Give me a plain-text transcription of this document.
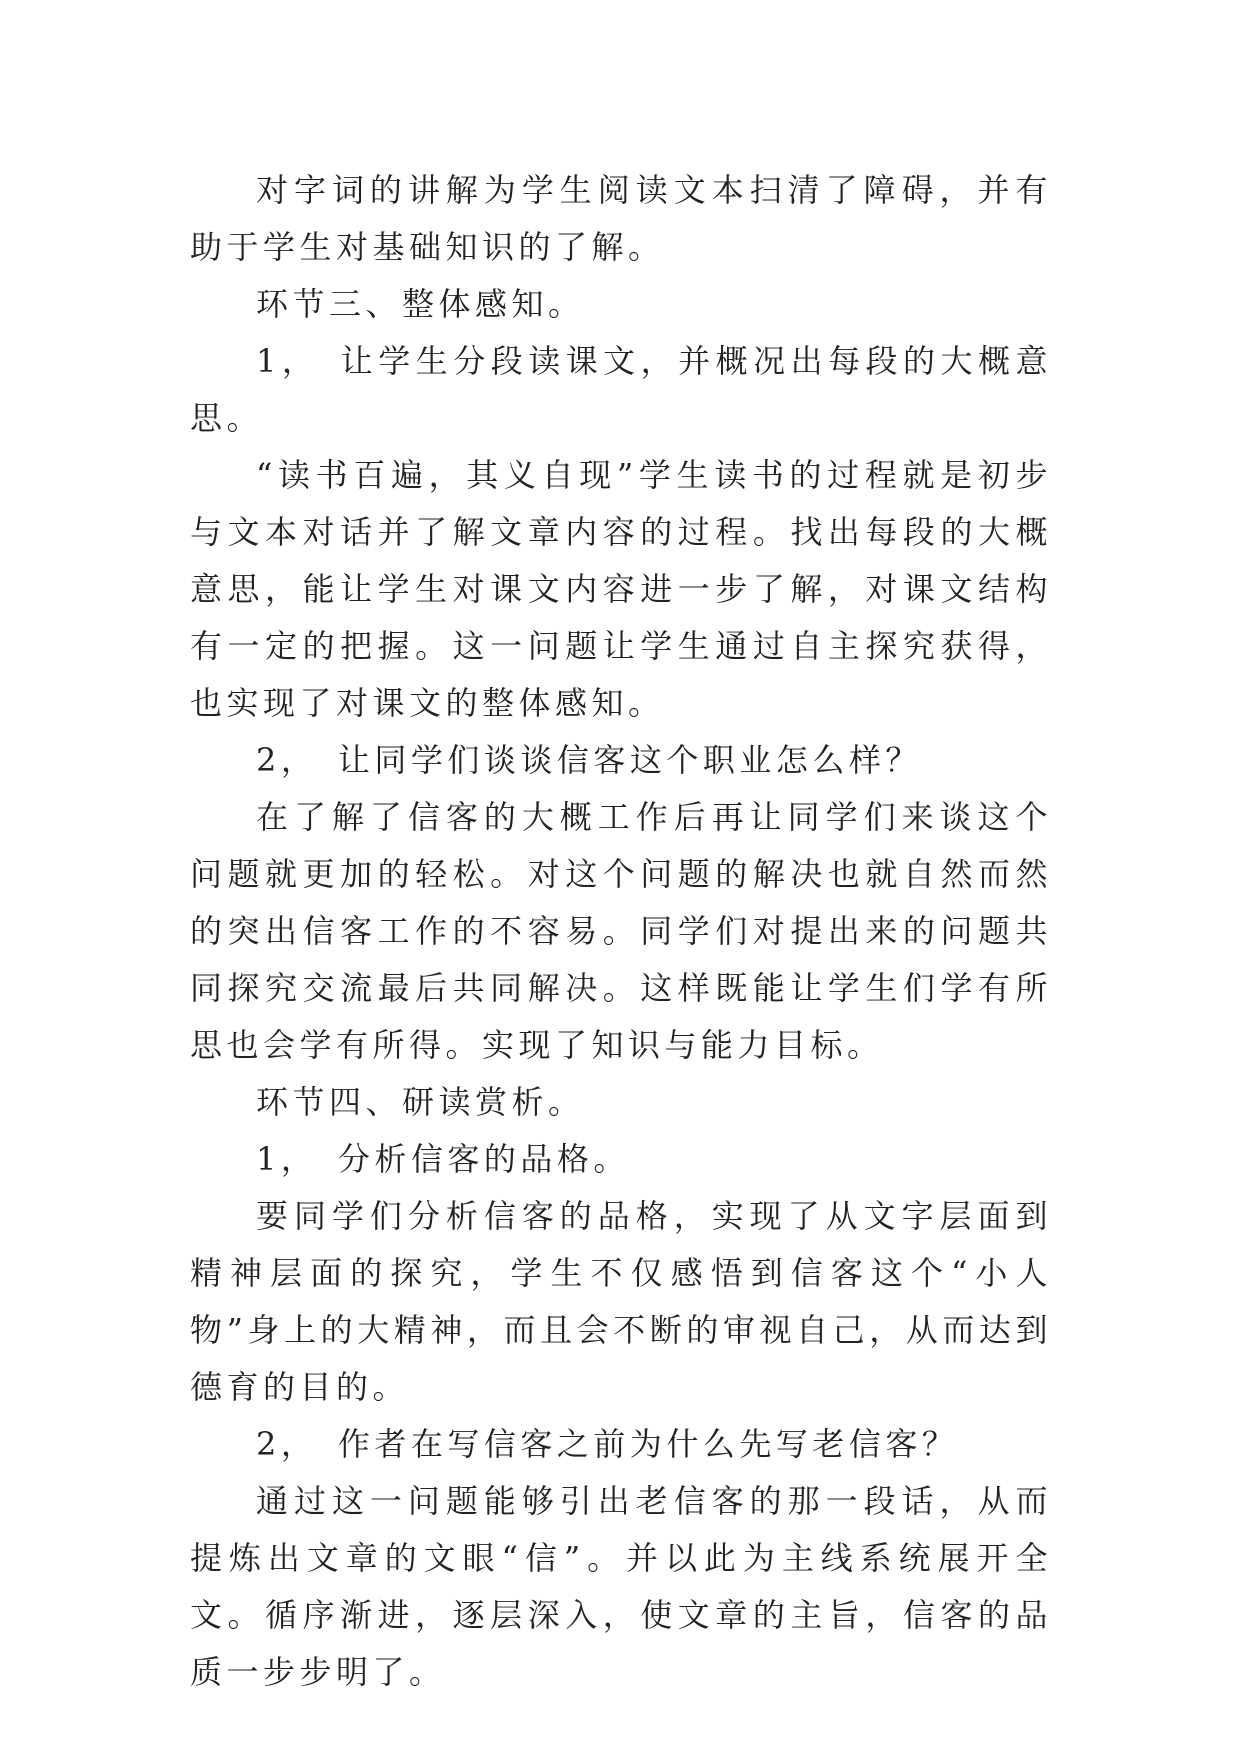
对字词的讲解为学生阅读文本扫清了障碍，并有助于学生对基础知识的了解。

环节三、整体感知。

1，　让学生分段读课文，并概况出每段的大概意思。

“读书百遍，其义自现”学生读书的过程就是初步与文本对话并了解文章内容的过程。找出每段的大概意思，能让学生对课文内容进一步了解，对课文结构有一定的把握。这一问题让学生通过自主探究获得，也实现了对课文的整体感知。

2，　让同学们谈谈信客这个职业怎么样？

在了解了信客的大概工作后再让同学们来谈这个问题就更加的轻松。对这个问题的解决也就自然而然的突出信客工作的不容易。同学们对提出来的问题共同探究交流最后共同解决。这样既能让学生们学有所思也会学有所得。实现了知识与能力目标。

环节四、研读赏析。

1，　分析信客的品格。

要同学们分析信客的品格，实现了从文字层面到精神层面的探究，学生不仅感悟到信客这个“小人物”身上的大精神，而且会不断的审视自己，从而达到德育的目的。

2，　作者在写信客之前为什么先写老信客？

通过这一问题能够引出老信客的那一段话，从而提炼出文章的文眼“信”。并以此为主线系统展开全文。循序渐进，逐层深入，使文章的主旨，信客的品质一步步明了。
